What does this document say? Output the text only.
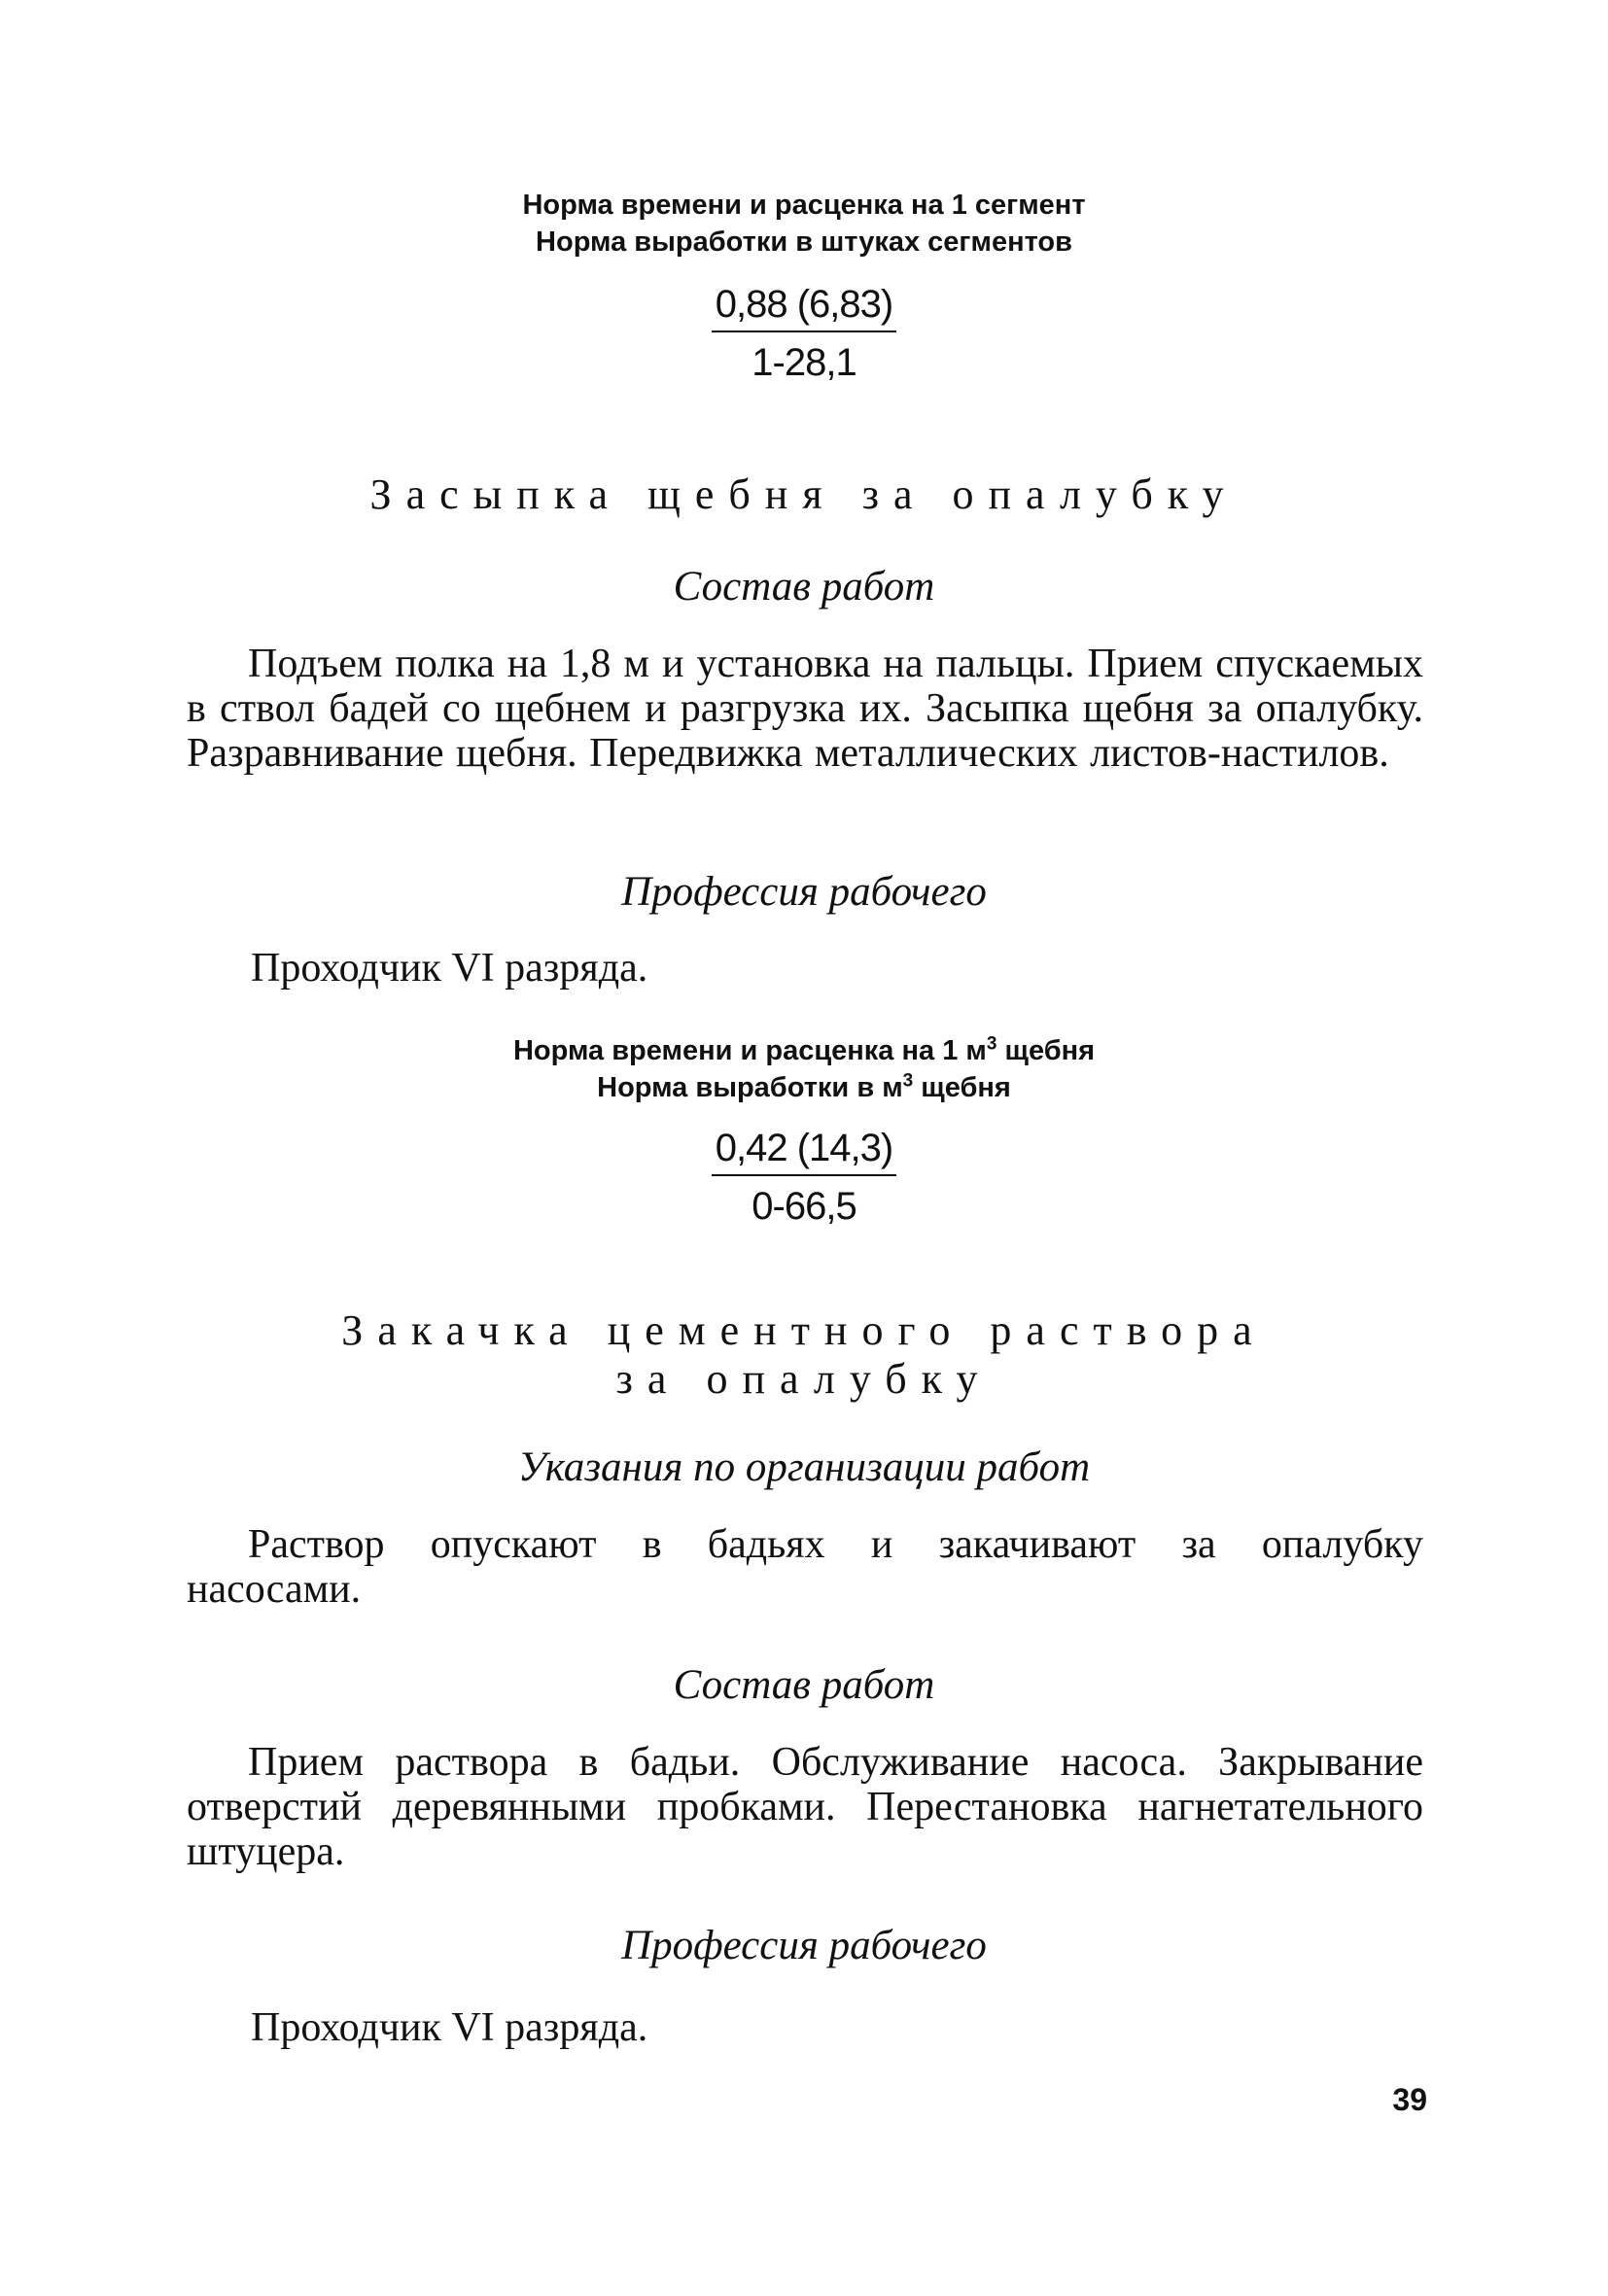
Норма времени и расценка на 1 сегмент
Норма выработки в штуках сегментов
$\frac{0,88 (6,83)}{1-28,1}$
Засыпка щебня за опалубку
Состав работ
Подъем полка на 1,8 м и установка на пальцы. Прием спускаемых в ствол бадей со щебнем и разгрузка их. Засыпка щебня за опалубку. Разравнивание щебня. Передвижка металлических листов-настилов.
Профессия рабочего
Проходчик VI разряда.
Норма времени и расценка на 1 $м^3$ щебня
Норма выработки в $м^3$ щебня
$\frac{0,42 (14,3)}{0-66,5}$
Закачка цементного раствора
за опалубку
Указания по организации работ
Раствор опускают в бадьях и закачивают за опалубку насосами.
Состав работ
Прием раствора в бадьи. Обслуживание насоса. Закрывание отверстий деревянными пробками. Перестановка нагнетательного штуцера.
Профессия рабочего
Проходчик VI разряда.
39
